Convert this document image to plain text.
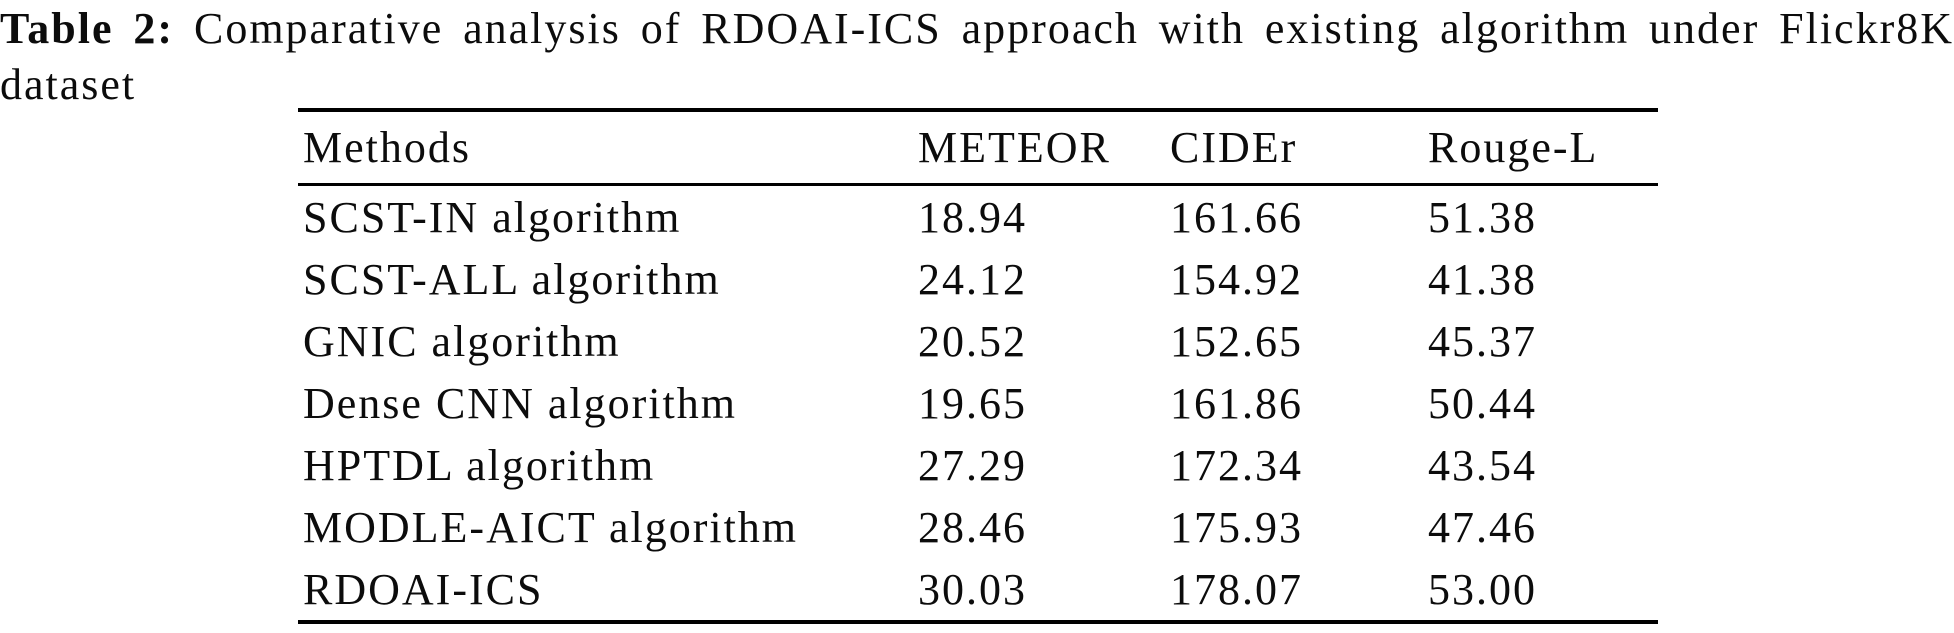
Table 2: Comparative analysis of RDOAI-ICS approach with existing algorithm under Flickr8K
dataset
Methods	METEOR	CIDEr	Rouge-L
SCST-IN algorithm	18.94	161.66	51.38
SCST-ALL algorithm	24.12	154.92	41.38
GNIC algorithm	20.52	152.65	45.37
Dense CNN algorithm	19.65	161.86	50.44
HPTDL algorithm	27.29	172.34	43.54
MODLE-AICT algorithm	28.46	175.93	47.46
RDOAI-ICS	30.03	178.07	53.00
